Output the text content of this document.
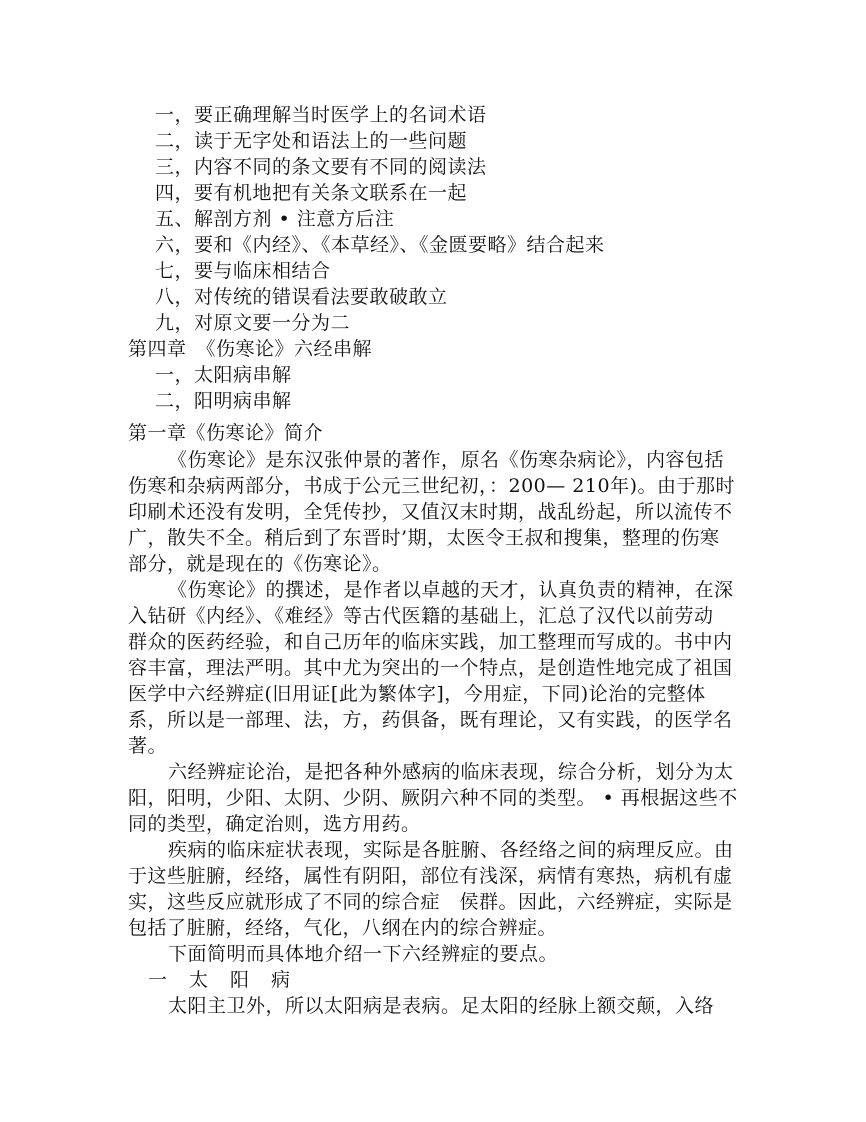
一，要正确理解当时医学上的名词术语
二，读于无字处和语法上的一些问题
三，内容不同的条文要有不同的阅读法
四，要有机地把有关条文联系在一起
五、解剖方剂 • 注意方后注
六，要和《内经》、《本草经》、《金匮要略》结合起来
七，要与临床相结合
八，对传统的错误看法要敢破敢立
九，对原文要一分为二
第四章　《伤寒论》六经串解
一，太阳病串解
二，阳明病串解
第一章《伤寒论》简介
《伤寒论》是东汉张仲景的著作，原名《伤寒杂病论》，内容包括
伤寒和杂病两部分，书成于公元三世纪初，：200— 210年)。由于那时
印刷术还没有发明，全凭传抄，又值汉末时期，战乱纷起，所以流传不
广，散失不全。稍后到了东晋时’期，太医令王叔和搜集，整理的伤寒
部分，就是现在的《伤寒论》。
《伤寒论》的撰述，是作者以卓越的天才，认真负责的精神，在深
入钻研《内经》、《难经》等古代医籍的基础上，汇总了汉代以前劳动
群众的医药经验，和自己历年的临床实践，加工整理而写成的。书中内
容丰富，理法严明。其中尤为突出的一个特点，是创造性地完成了祖国
医学中六经辨症(旧用证[此为繁体字]，今用症，下同)论治的完整体
系，所以是一部理、法，方，药俱备，既有理论，又有实践，的医学名
著。
六经辨症论治，是把各种外感病的临床表现，综合分析，划分为太
阳，阳明，少阳、太阴、少阴、厥阴六种不同的类型。 • 再根据这些不
同的类型，确定治则，选方用药。
疾病的临床症状表现，实际是各脏腑、各经络之间的病理反应。由
于这些脏腑，经络，属性有阴阳，部位有浅深，病情有寒热，病机有虚
实，这些反应就形成了不同的综合症　侯群。因此，六经辨症，实际是
包括了脏腑，经络，气化，八纲在内的综合辨症。
下面简明而具体地介绍一下六经辨症的要点。
一 太 阳 病
太阳主卫外，所以太阳病是表病。足太阳的经脉上额交颠，入络
